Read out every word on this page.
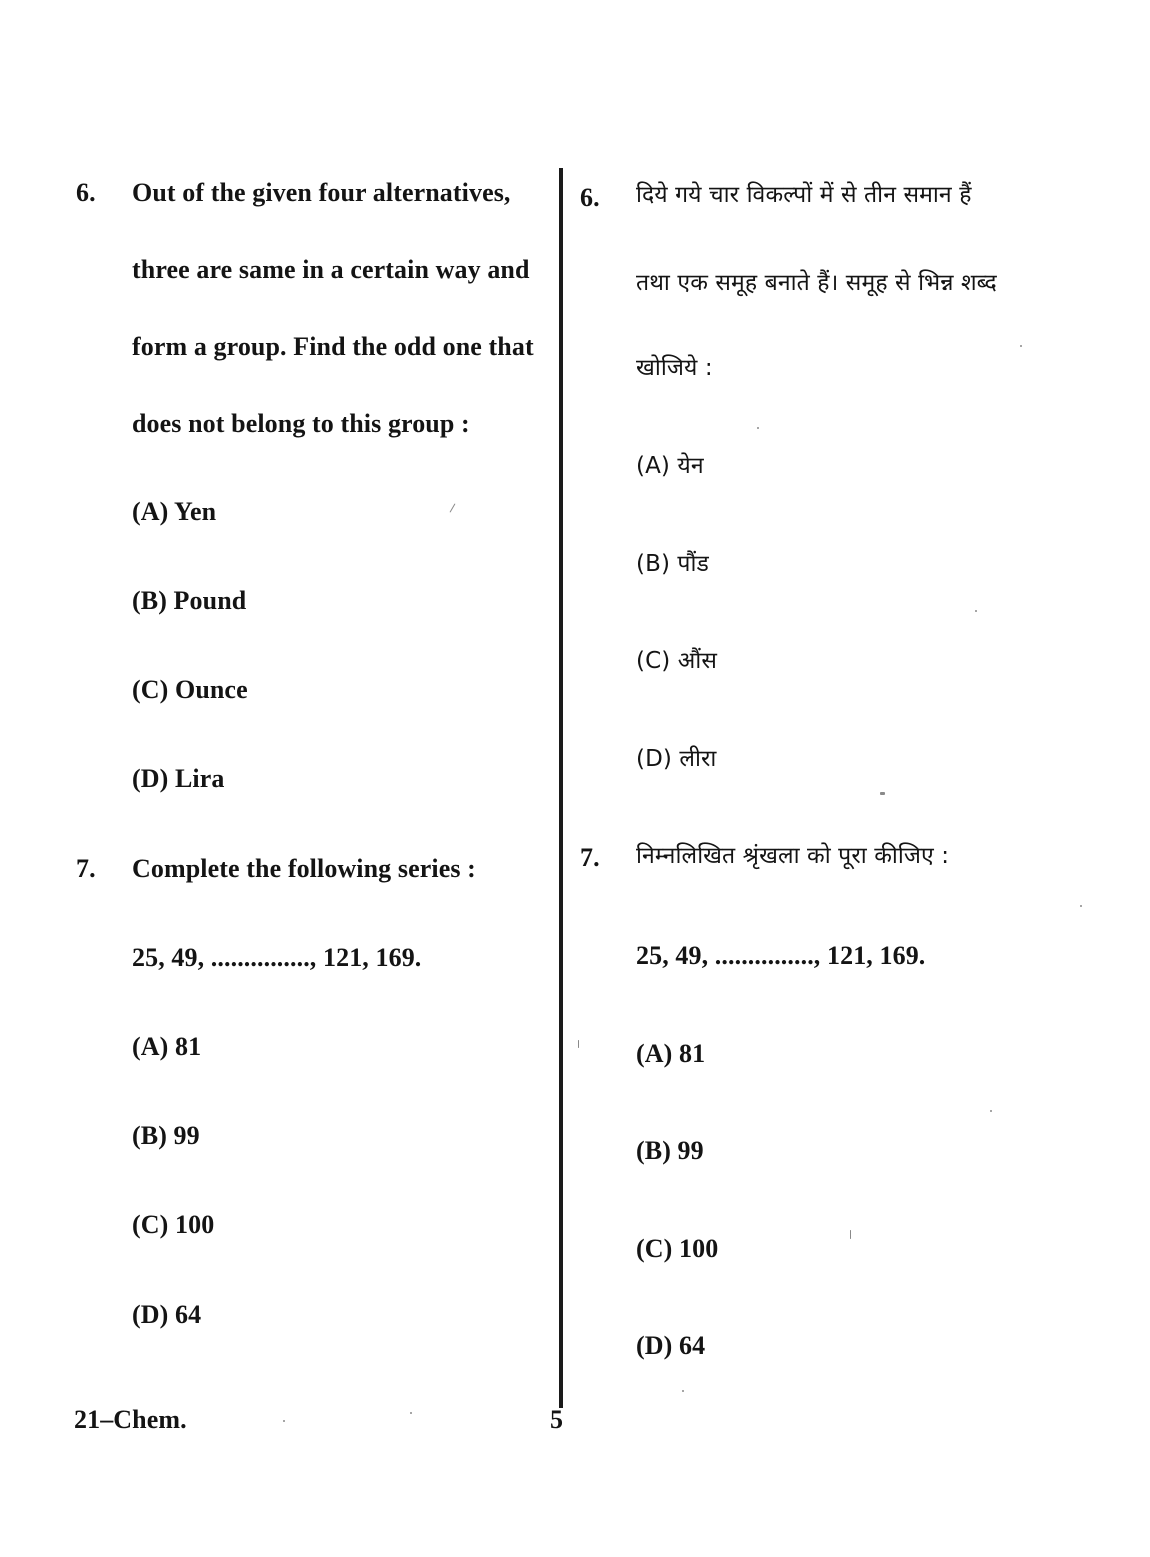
6. Out of the given four alternatives,
three are same in a certain way and
form a group. Find the odd one that
does not belong to this group :
(A) Yen
(B) Pound
(C) Ounce
(D) Lira
7. Complete the following series :
25, 49, ..............., 121, 169.
(A) 81
(B) 99
(C) 100
(D) 64
6. दिये गये चार विकल्पों में से तीन समान हैं
तथा एक समूह बनाते हैं। समूह से भिन्न शब्द
खोजिये :
(A) येन
(B) पौंड
(C) औंस
(D) लीरा
7. निम्नलिखित श्रृंखला को पूरा कीजिए :
25, 49, ..............., 121, 169.
(A) 81
(B) 99
(C) 100
(D) 64
21–Chem.	5
